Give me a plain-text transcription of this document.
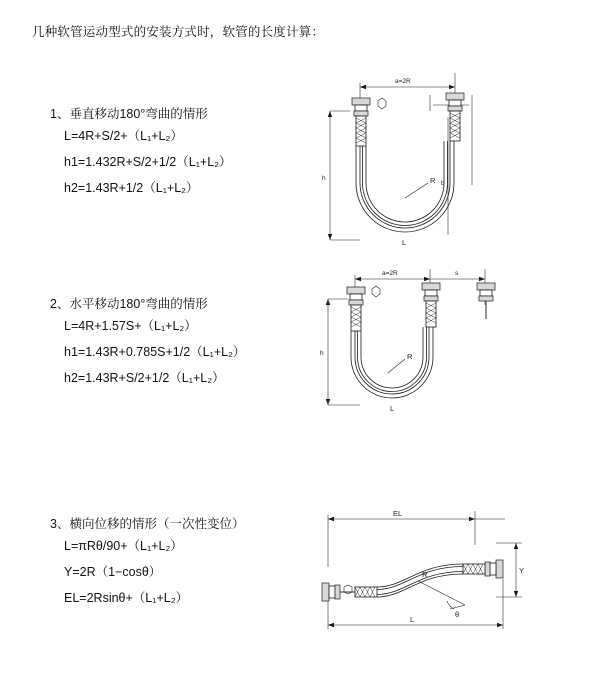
几种软管运动型式的安装方式时，软管的长度计算：
1、垂直移动180°弯曲的情形
L=4R+S/2+（L₁+L₂）
h1=1.432R+S/2+1/2（L₁+L₂）
h2=1.43R+1/2（L₁+L₂）
a=2R
h
b
R
L
2、水平移动180°弯曲的情形
L=4R+1.57S+（L₁+L₂）
h1=1.43R+0.785S+1/2（L₁+L₂）
h2=1.43R+S/2+1/2（L₁+L₂）
a=2R	s
h	R
L
3、横向位移的情形（一次性变位）
L=πRθ/90+（L₁+L₂）
Y=2R（1−cosθ）
EL=2Rsinθ+（L₁+L₂）
EL
Y
R
θ
L
